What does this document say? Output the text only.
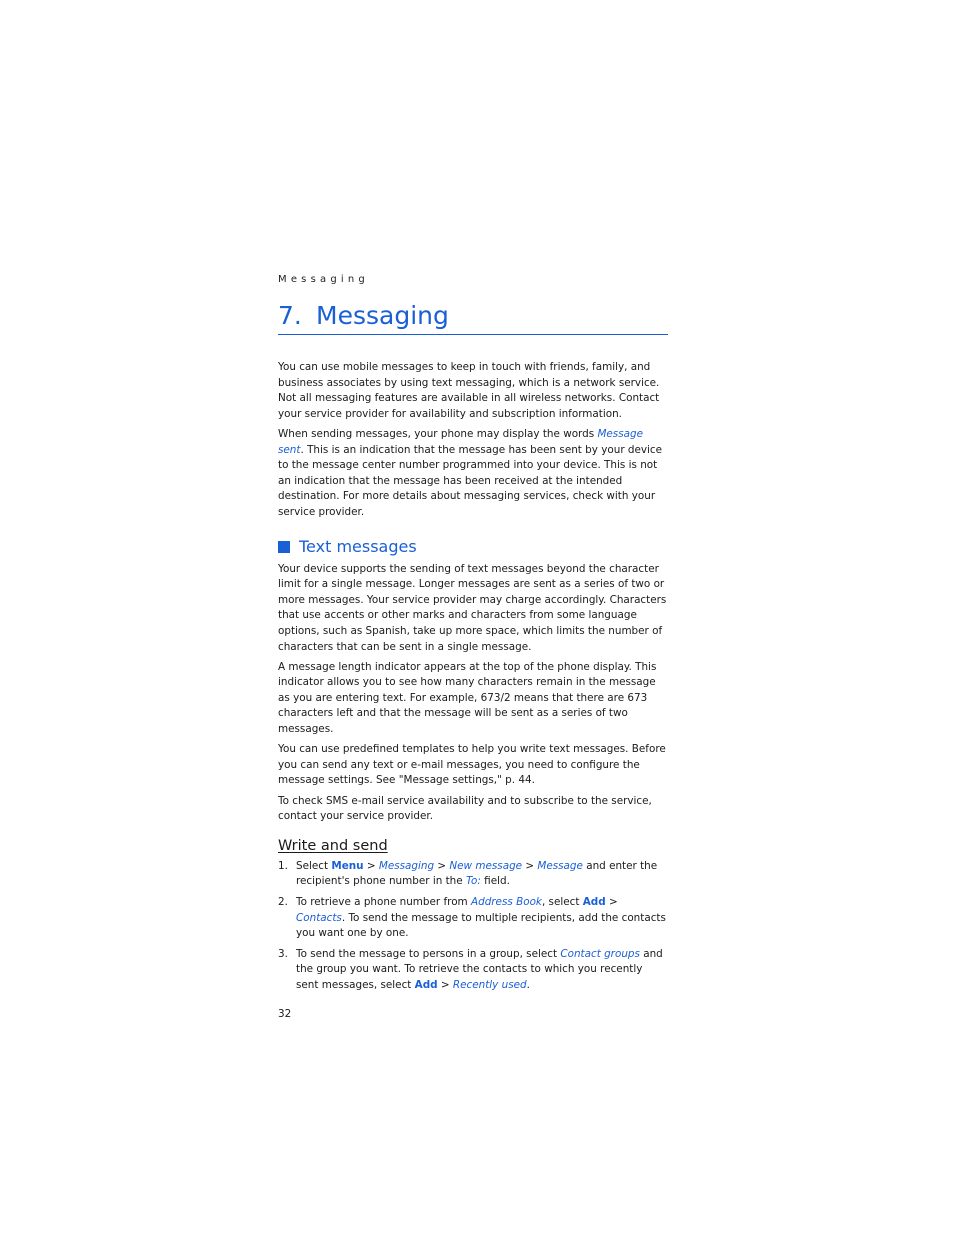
Messaging

7. Messaging

You can use mobile messages to keep in touch with friends, family, and business associates by using text messaging, which is a network service. Not all messaging features are available in all wireless networks. Contact your service provider for availability and subscription information.

When sending messages, your phone may display the words Message sent. This is an indication that the message has been sent by your device to the message center number programmed into your device. This is not an indication that the message has been received at the intended destination. For more details about messaging services, check with your service provider.

Text messages

Your device supports the sending of text messages beyond the character limit for a single message. Longer messages are sent as a series of two or more messages. Your service provider may charge accordingly. Characters that use accents or other marks and characters from some language options, such as Spanish, take up more space, which limits the number of characters that can be sent in a single message.

A message length indicator appears at the top of the phone display. This indicator allows you to see how many characters remain in the message as you are entering text. For example, 673/2 means that there are 673 characters left and that the message will be sent as a series of two messages.

You can use predefined templates to help you write text messages. Before you can send any text or e-mail messages, you need to configure the message settings. See "Message settings," p. 44.

To check SMS e-mail service availability and to subscribe to the service, contact your service provider.

Write and send
1. Select Menu > Messaging > New message > Message and enter the recipient's phone number in the To: field.
2. To retrieve a phone number from Address Book, select Add > Contacts. To send the message to multiple recipients, add the contacts you want one by one.
3. To send the message to persons in a group, select Contact groups and the group you want. To retrieve the contacts to which you recently sent messages, select Add > Recently used.
32
